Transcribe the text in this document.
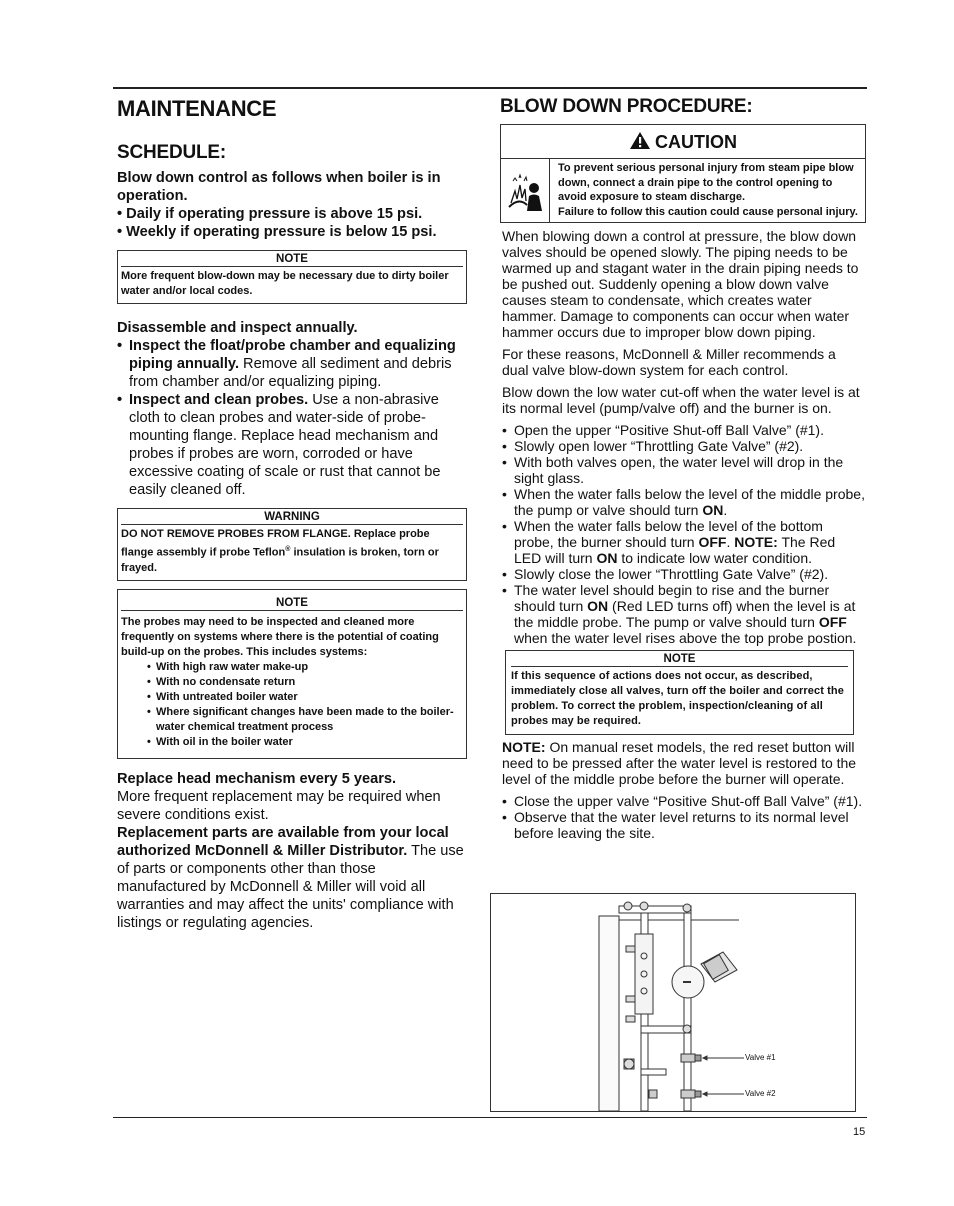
MAINTENANCE
SCHEDULE:

Blow down control as follows when boiler is in operation.

• Daily if operating pressure is above 15 psi.

• Weekly if operating pressure is below 15 psi.

NOTE
More frequent blow-down may be necessary due to dirty boiler water and/or local codes.

Disassemble and inspect annually.

• Inspect the float/probe chamber and equalizing piping annually. Remove all sediment and debris from chamber and/or equalizing piping.
• Inspect and clean probes. Use a non-abrasive cloth to clean probes and water-side of probe-mounting flange. Replace head mechanism and probes if probes are worn, corroded or have excessive coating of scale or rust that cannot be easily cleaned off.
WARNING
DO NOT REMOVE PROBES FROM FLANGE. Replace probe flange assembly if probe Teflon® insulation is broken, torn or frayed.
NOTE
The probes may need to be inspected and cleaned more frequently on systems where there is the potential of coating build-up on the probes. This includes systems:
• With high raw water make-up
• With no condensate return
• With untreated boiler water
• Where significant changes have been made to the boiler-water chemical treatment process
• With oil in the boiler water

Replace head mechanism every 5 years.

More frequent replacement may be required when severe conditions exist.

Replacement parts are available from your local authorized McDonnell & Miller Distributor. The use of parts or components other than those manufactured by McDonnell & Miller will void all warranties and may affect the units' compliance with listings or regulating agencies.

BLOW DOWN PROCEDURE:
CAUTION
To prevent serious personal injury from steam pipe blow down, connect a drain pipe to the control opening to avoid exposure to steam discharge.
Failure to follow this caution could cause personal injury.

When blowing down a control at pressure, the blow down valves should be opened slowly. The piping needs to be warmed up and stagant water in the drain piping needs to be pushed out. Suddenly opening a blow down valve causes steam to condensate, which creates water hammer. Damage to components can occur when water hammer occurs due to improper blow down piping.

For these reasons, McDonnell & Miller recommends a dual valve blow-down system for each control.

Blow down the low water cut-off when the water level is at its normal level (pump/valve off) and the burner is on.

• Open the upper “Positive Shut-off Ball Valve” (#1).
• Slowly open lower “Throttling Gate Valve” (#2).
• With both valves open, the water level will drop in the sight glass.
• When the water falls below the level of the middle probe, the pump or valve should turn ON.
• When the water falls below the level of the bottom probe, the burner should turn OFF. NOTE: The Red LED will turn ON to indicate low water condition.
• Slowly close the lower “Throttling Gate Valve” (#2).
• The water level should begin to rise and the burner should turn ON (Red LED turns off) when the level is at the middle probe. The pump or valve should turn OFF when the water level rises above the top probe postion.
NOTE
If this sequence of actions does not occur, as described, immediately close all valves, turn off the boiler and correct the problem. To correct the problem, inspection/cleaning of all probes may be required.

NOTE: On manual reset models, the red reset button will need to be pressed after the water level is restored to the level of the middle probe before the burner will operate.

• Close the upper valve “Positive Shut-off Ball Valve” (#1).
• Observe that the water level returns to its normal level before leaving the site.
Valve #1
Valve #2
15
